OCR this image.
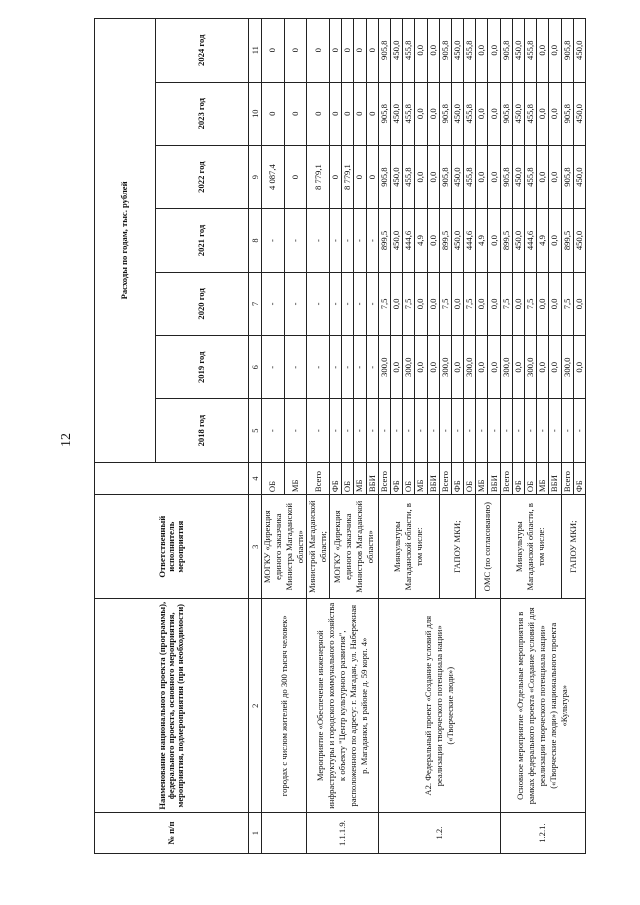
12
№ п/п	Наименование национального проекта (программы), федерального проекта, основного мероприятия, мероприятия, подмероприятия (при необходимости)	Ответственный исполнитель мероприятия		Расходы по годам, тыс. рублей						
				2018 год	2019 год	2020 год	2021 год	2022 год	2023 год	2024 год
1	2	3	4	5	6	7	8	9	10	11
	городах с числом жителей до 300 тысяч человек»	МОГКУ «Дирекция единого заказчика Министра Магаданской области»	ОБ	-	-	-	-	4 087,4	0	0
			МБ	-	-	-	-	0	0	0
1.1.1.9.	Мероприятие «Обеспечение инженерной инфраструктуры и городского коммунального хозяйства к объекту "Центр культурного развития", расположенного по адресу: г. Магадан, ул. Набережная р. Магаданки, в районе д. 59 корп. 4»	Министрой Магаданской области;	Всего	-	-	-	-	8 779,1	0	0
		МОГКУ «Дирекция единого заказчика Министров Магаданской области»	ФБ	-	-	-	-	0	0	0
			ОБ	-	-	-	-	8 779,1	0	0
			МБ	-	-	-	-	0	0	0
			ВБИ	-	-	-	-	0	0	0
1.2.	А2. Федеральный проект «Создание условий для реализации творческого потенциала нации» («Творческие люди»)	Минкультуры Магаданской области, в том числе:	Всего	-	300,0	7,5	899,5	905,8	905,8	905,8
			ФБ	-	0,0	0,0	450,0	450,0	450,0	450,0
			ОБ	-	300,0	7,5	444,6	455,8	455,8	455,8
			МБ	-	0,0	0,0	4,9	0,0	0,0	0,0
			ВБИ	-	0,0	0,0	0,0	0,0	0,0	0,0
		ГАПОУ МКИ;	Всего	-	300,0	7,5	899,5	905,8	905,8	905,8
			ФБ	-	0,0	0,0	450,0	450,0	450,0	450,0
			ОБ	-	300,0	7,5	444,6	455,8	455,8	455,8
		ОМС (по согласованию)	МБ	-	0,0	0,0	4,9	0,0	0,0	0,0
			ВБИ	-	0,0	0,0	0,0	0,0	0,0	0,0
1.2.1.	Основное мероприятие «Отдельные мероприятия в рамках федерального проекта «Создание условий для реализации творческого потенциала нации» («Творческие люди») национального проекта «Культура»	Минкультуры Магаданской области, в том числе:	Всего	-	300,0	7,5	899,5	905,8	905,8	905,8
			ФБ	-	0,0	0,0	450,0	450,0	450,0	450,0
			ОБ	-	300,0	7,5	444,6	455,8	455,8	455,8
			МБ	-	0,0	0,0	4,9	0,0	0,0	0,0
			ВБИ	-	0,0	0,0	0,0	0,0	0,0	0,0
		ГАПОУ МКИ;	Всего	-	300,0	7,5	899,5	905,8	905,8	905,8
			ФБ	-	0,0	0,0	450,0	450,0	450,0	450,0
